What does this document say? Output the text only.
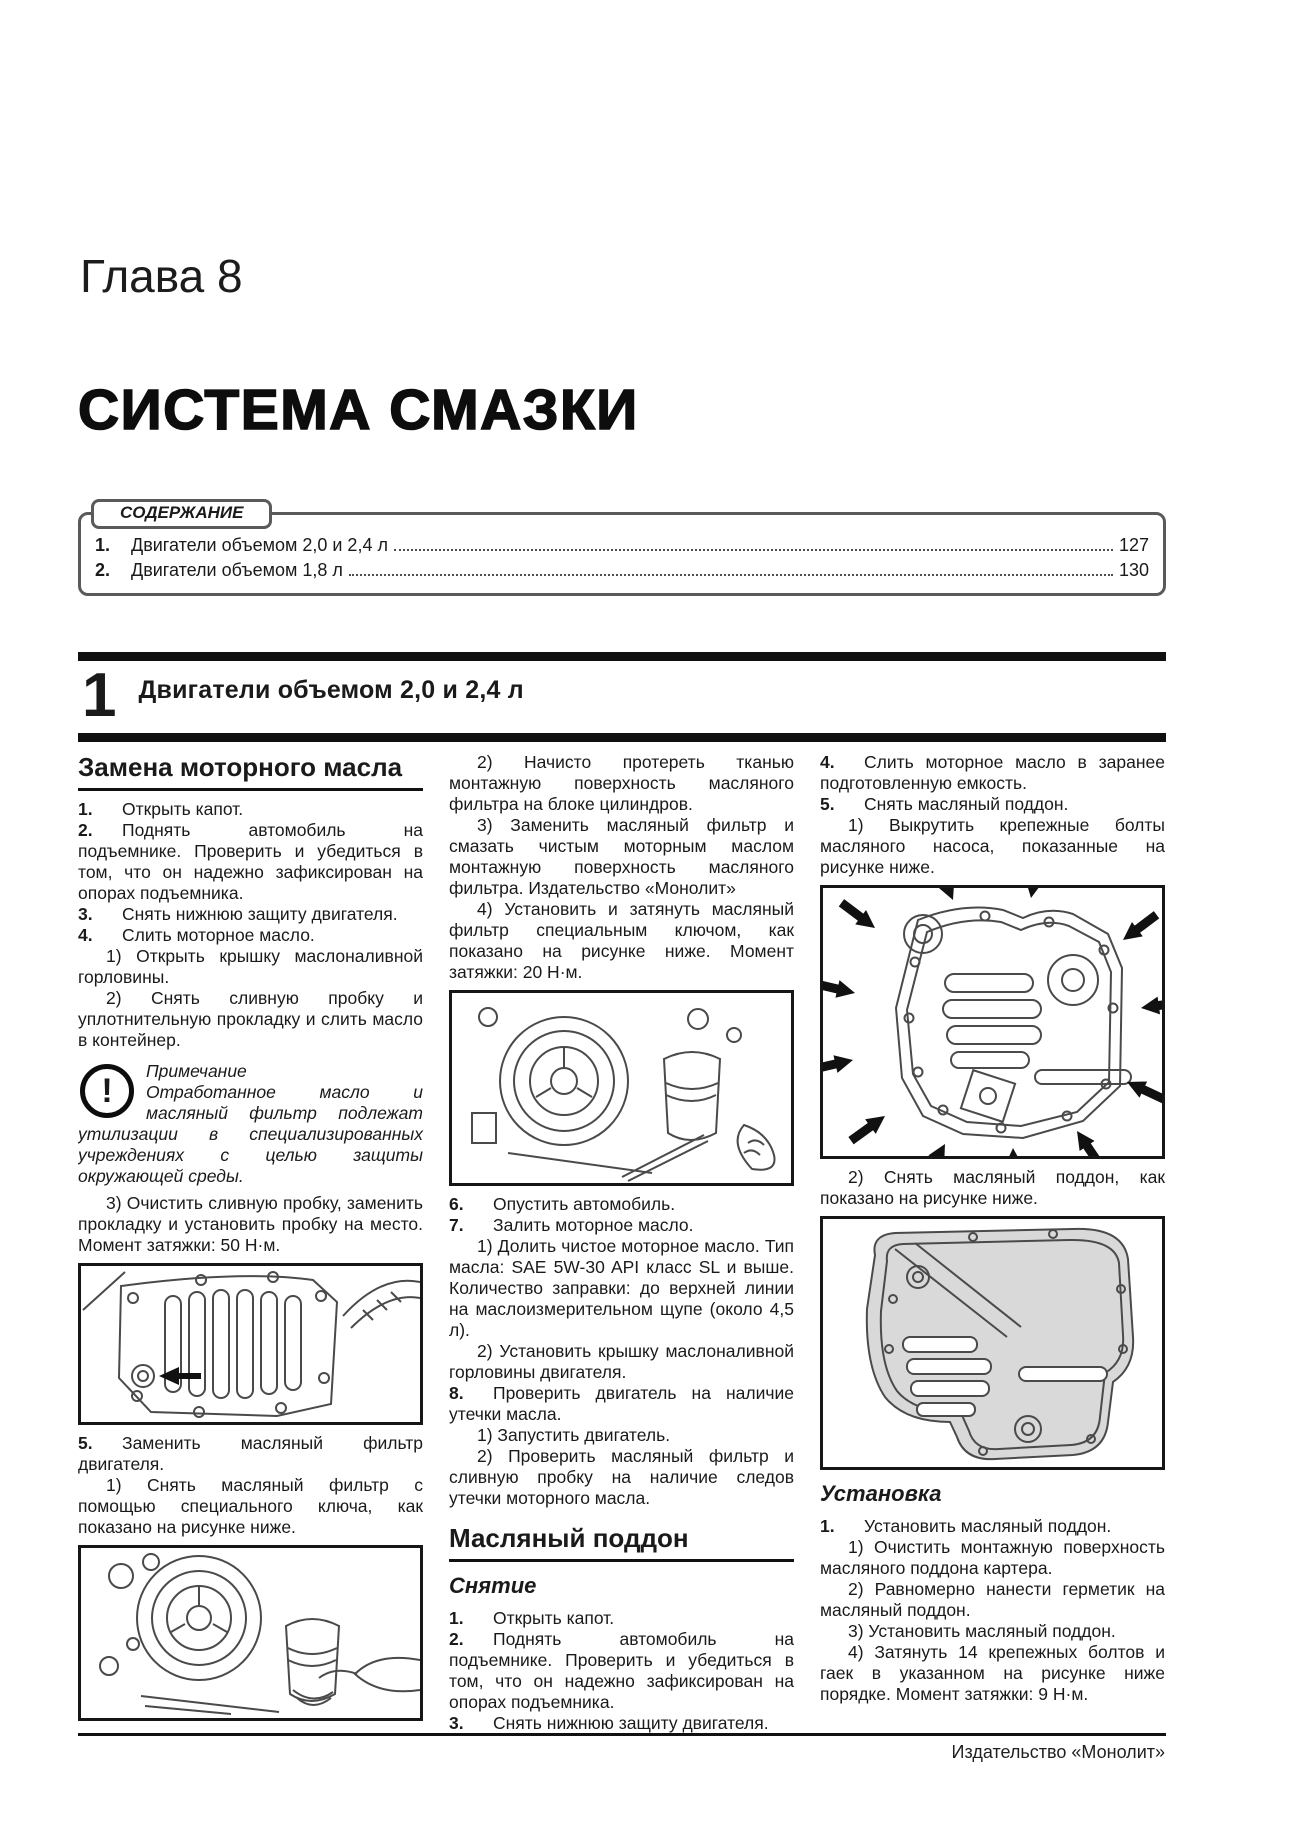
Глава 8
СИСТЕМА СМАЗКИ
СОДЕРЖАНИЕ
1.	Двигатели объемом 2,0 и 2,4 л	127
2.	Двигатели объемом 1,8 л	130
1 Двигатели объемом 2,0 и 2,4 л
Замена моторного масла

1. Открыть капот.

2. Поднять автомобиль на подъемнике. Проверить и убедиться в том, что он надежно зафиксирован на опорах подъемника.

3. Снять нижнюю защиту двигателя.

4. Слить моторное масло.

1) Открыть крышку маслоналивной горловины.

2) Снять сливную пробку и уплотнительную прокладку и слить масло в контейнер.

!

Примечание
Отработанное масло и масляный фильтр подлежат утилизации в специализированных учреждениях с целью защиты окружающей среды.

3) Очистить сливную пробку, заменить прокладку и установить пробку на место. Момент затяжки: 50 Н·м.

5. Заменить масляный фильтр двигателя.

1) Снять масляный фильтр с помощью специального ключа, как показано на рисунке ниже.

2) Начисто протереть тканью монтажную поверхность масляного фильтра на блоке цилиндров.

3) Заменить масляный фильтр и смазать чистым моторным маслом монтажную поверхность масляного фильтра. Издательство «Монолит»

4) Установить и затянуть масляный фильтр специальным ключом, как показано на рисунке ниже. Момент затяжки: 20 Н·м.

6. Опустить автомобиль.

7. Залить моторное масло.

1) Долить чистое моторное масло. Тип масла: SAE 5W-30 API класс SL и выше. Количество заправки: до верхней линии на маслоизмерительном щупе (около 4,5 л).

2) Установить крышку маслоналивной горловины двигателя.

8. Проверить двигатель на наличие утечки масла.

1) Запустить двигатель.

2) Проверить масляный фильтр и сливную пробку на наличие следов утечки моторного масла.

Масляный поддон
Снятие

1. Открыть капот.

2. Поднять автомобиль на подъемнике. Проверить и убедиться в том, что он надежно зафиксирован на опорах подъемника.

3. Снять нижнюю защиту двигателя.

4. Слить моторное масло в заранее подготовленную емкость.

5. Снять масляный поддон.

1) Выкрутить крепежные болты масляного насоса, показанные на рисунке ниже.

2) Снять масляный поддон, как показано на рисунке ниже.

Установка

1. Установить масляный поддон.

1) Очистить монтажную поверхность масляного поддона картера.

2) Равномерно нанести герметик на масляный поддон.

3) Установить масляный поддон.

4) Затянуть 14 крепежных болтов и гаек в указанном на рисунке ниже порядке. Момент затяжки: 9 Н·м.

Издательство «Монолит»
